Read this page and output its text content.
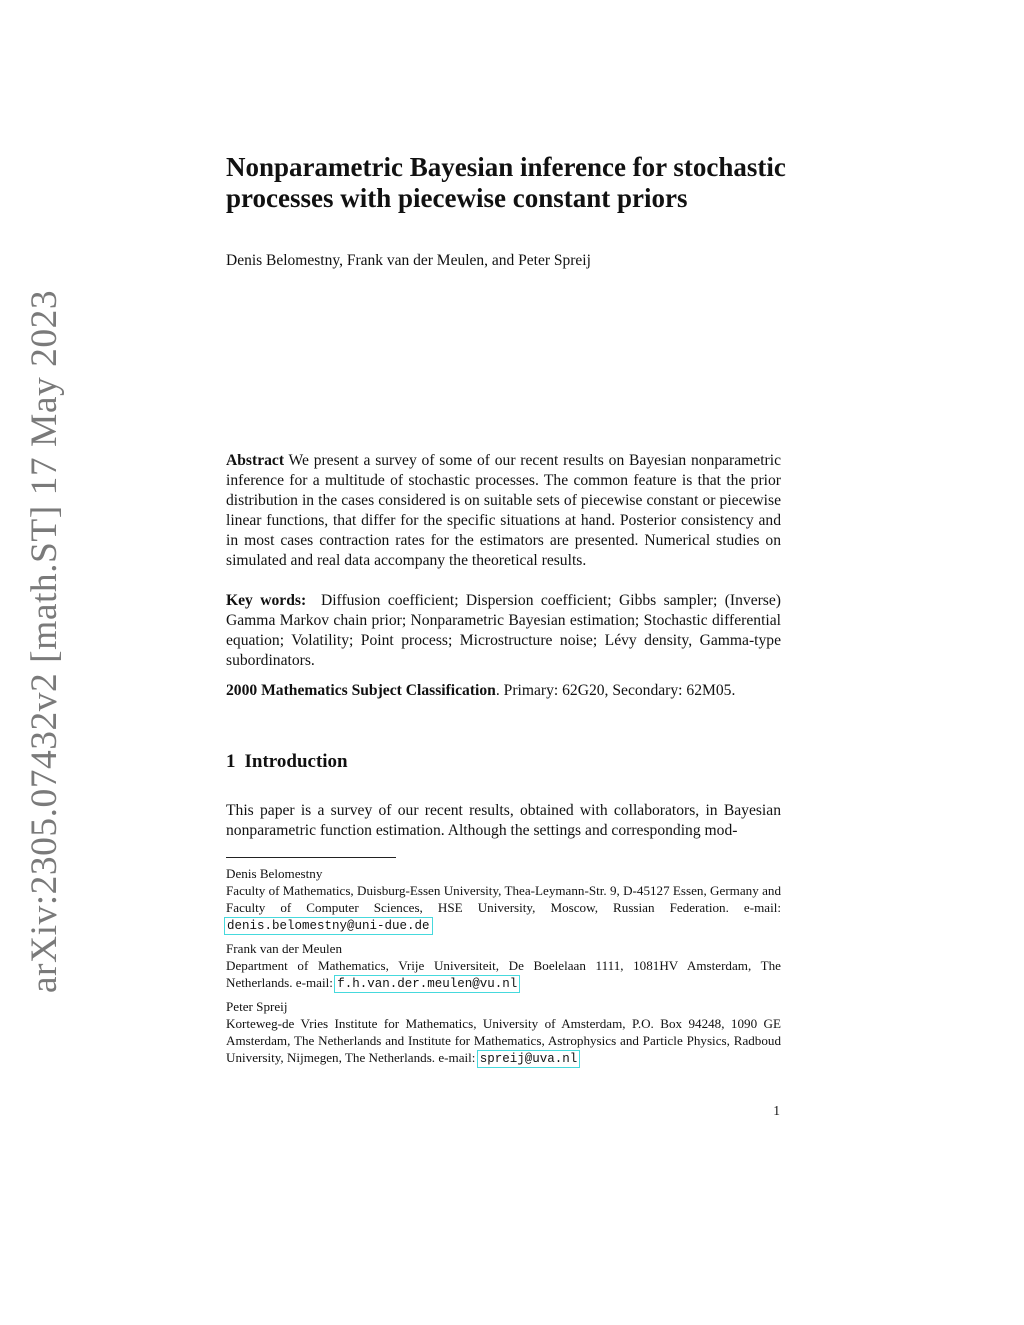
arXiv:2305.07432v2 [math.ST] 17 May 2023
Nonparametric Bayesian inference for stochastic processes with piecewise constant priors
Denis Belomestny, Frank van der Meulen, and Peter Spreij

Abstract We present a survey of some of our recent results on Bayesian nonparametric inference for a multitude of stochastic processes. The common feature is that the prior distribution in the cases considered is on suitable sets of piecewise constant or piecewise linear functions, that differ for the specific situations at hand. Posterior consistency and in most cases contraction rates for the estimators are presented. Numerical studies on simulated and real data accompany the theoretical results.

Key words: Diffusion coefficient; Dispersion coefficient; Gibbs sampler; (Inverse) Gamma Markov chain prior; Nonparametric Bayesian estimation; Stochastic differential equation; Volatility; Point process; Microstructure noise; Lévy density, Gamma-type subordinators.

2000 Mathematics Subject Classification. Primary: 62G20, Secondary: 62M05.
1 Introduction

This paper is a survey of our recent results, obtained with collaborators, in Bayesian nonparametric function estimation. Although the settings and corresponding mod-

Denis Belomestny
Faculty of Mathematics, Duisburg-Essen University, Thea-Leymann-Str. 9, D-45127 Essen, Germany and Faculty of Computer Sciences, HSE University, Moscow, Russian Federation. e-mail: denis.belomestny@uni-due.de

Frank van der Meulen
Department of Mathematics, Vrije Universiteit, De Boelelaan 1111, 1081HV Amsterdam, The Netherlands. e-mail: f.h.van.der.meulen@vu.nl

Peter Spreij
Korteweg-de Vries Institute for Mathematics, University of Amsterdam, P.O. Box 94248, 1090 GE Amsterdam, The Netherlands and Institute for Mathematics, Astrophysics and Particle Physics, Radboud University, Nijmegen, The Netherlands. e-mail: spreij@uva.nl

1
